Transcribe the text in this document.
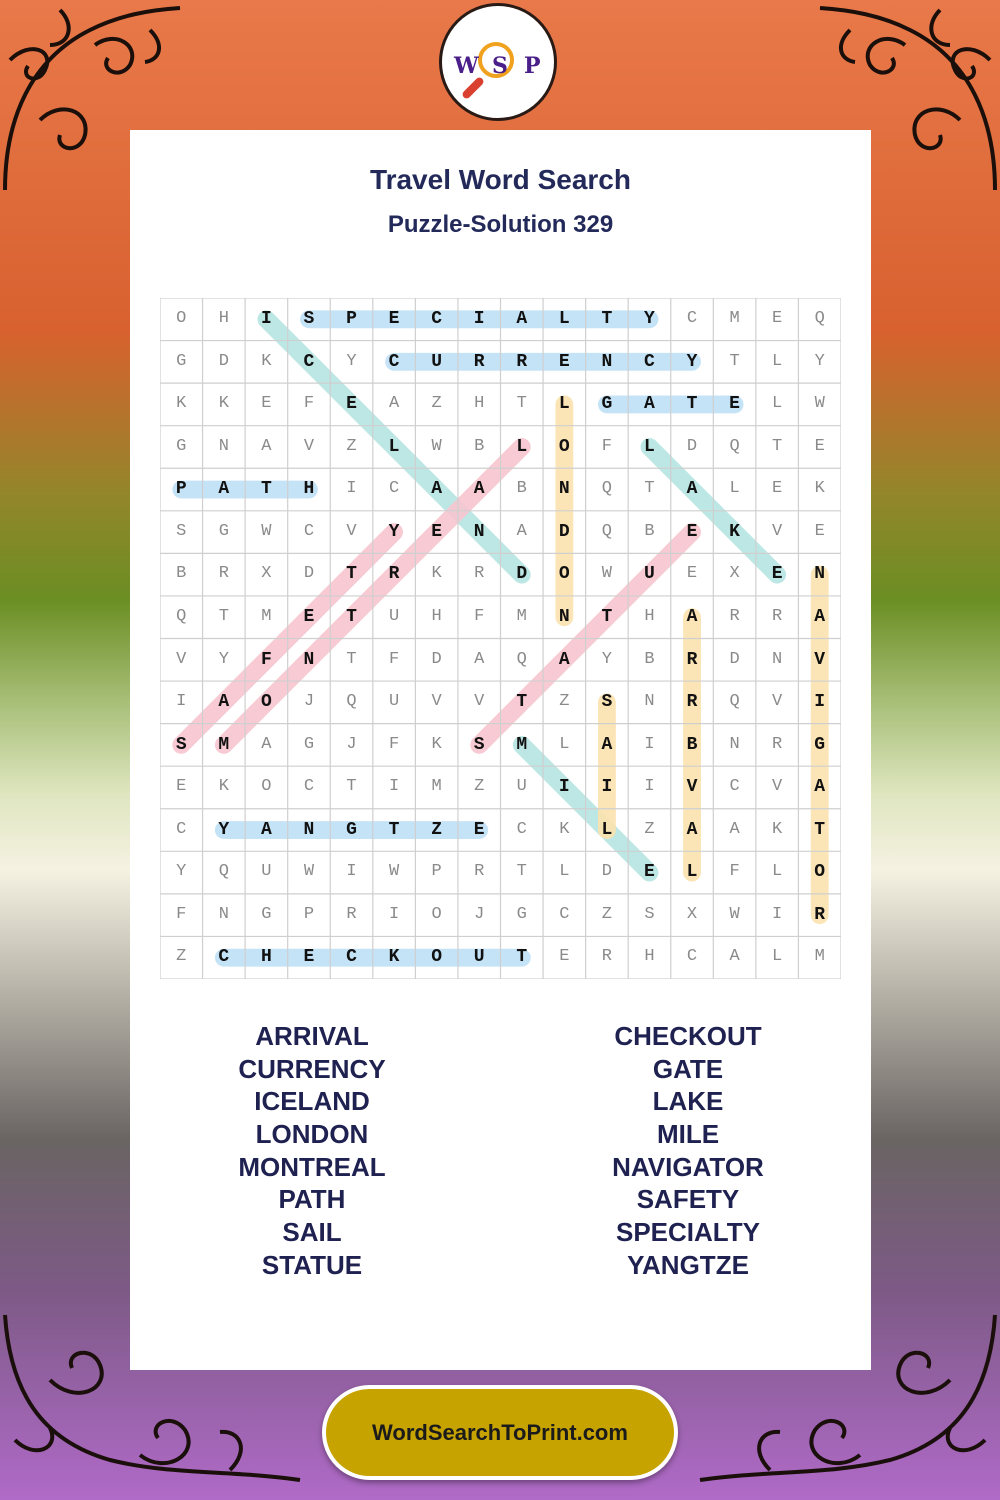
W S P
Travel Word Search
Puzzle-Solution 329
O	H	I	S	P	E	C	I	A	L	T	Y	C	M	E	Q
G	D	K	C	Y	C	U	R	R	E	N	C	Y	T	L	Y
K	K	E	F	E	A	Z	H	T	L	G	A	T	E	L	W
G	N	A	V	Z	L	W	B	L	O	F	L	D	Q	T	E
P	A	T	H	I	C	A	A	B	N	Q	T	A	L	E	K
S	G	W	C	V	Y	E	N	A	D	Q	B	E	K	V	E
B	R	X	D	T	R	K	R	D	O	W	U	E	X	E	N
Q	T	M	E	T	U	H	F	M	N	T	H	A	R	R	A
V	Y	F	N	T	F	D	A	Q	A	Y	B	R	D	N	V
I	A	O	J	Q	U	V	V	T	Z	S	N	R	Q	V	I
S	M	A	G	J	F	K	S	M	L	A	I	B	N	R	G
E	K	O	C	T	I	M	Z	U	I	I	I	V	C	V	A
C	Y	A	N	G	T	Z	E	C	K	L	Z	A	A	K	T
Y	Q	U	W	I	W	P	R	T	L	D	E	L	F	L	O
F	N	G	P	R	I	O	J	G	C	Z	S	X	W	I	R
Z	C	H	E	C	K	O	U	T	E	R	H	C	A	L	M
ARRIVAL
CURRENCY
ICELAND
LONDON
MONTREAL
PATH
SAIL
STATUE
CHECKOUT
GATE
LAKE
MILE
NAVIGATOR
SAFETY
SPECIALTY
YANGTZE
WordSearchToPrint.com
